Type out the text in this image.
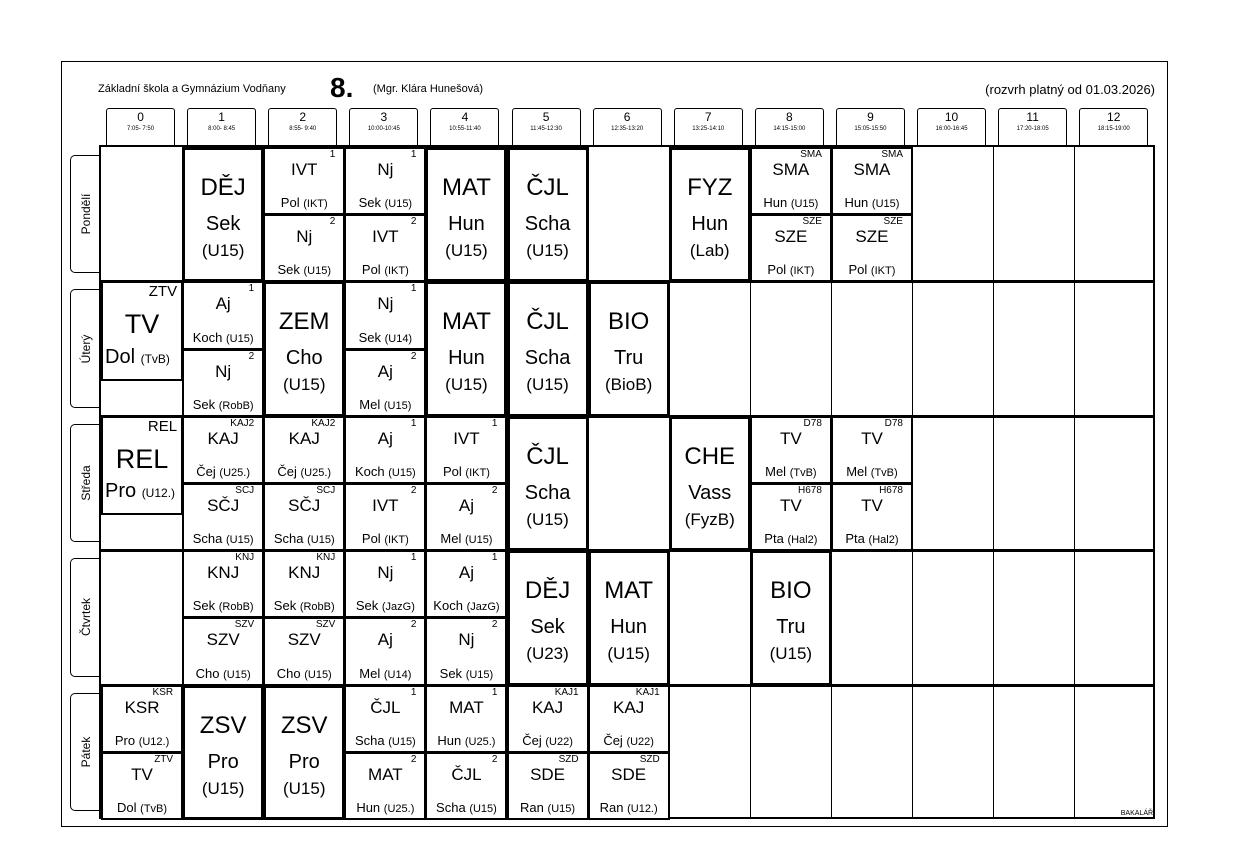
Základní škola a Gymnázium Vodňany 8. (Mgr. Klára Hunešová)	(rozvrh platný od 01.03.2026)
0
7:05- 7:50
1
8:00- 8:45
2
8:55- 9:40
3
10:00-10:45
4
10:55-11:40
5
11:45-12:30
6
12:35-13:20
7
13:25-14:10
8
14:15-15:00
9
15:05-15:50
10
16:00-16:45
11
17:20-18:05
12
18:15-19:00
Pondělí
Úterý
Středa
Čtvrtek
Pátek
DĚJ
Sek
(U15)
MAT
Hun
(U15)
ČJL
Scha
(U15)
FYZ
Hun
(Lab)
ZEM
Cho
(U15)
MAT
Hun
(U15)
ČJL
Scha
(U15)
BIO
Tru
(BioB)
ČJL
Scha
(U15)
CHE
Vass
(FyzB)
DĚJ
Sek
(U23)
MAT
Hun
(U15)
BIO
Tru
(U15)
ZSV
Pro
(U15)
ZSV
Pro
(U15)
1
IVT
Pol (IKT)
2
Nj
Sek (U15)
1
Nj
Sek (U15)
2
IVT
Pol (IKT)
SMA
SMA
Hun (U15)
SZE
SZE
Pol (IKT)
SMA
SMA
Hun (U15)
SZE
SZE
Pol (IKT)
1
Aj
Koch (U15)
2
Nj
Sek (RobB)
1
Nj
Sek (U14)
2
Aj
Mel (U15)
KAJ2
KAJ
Čej (U25.)
SCJ
SČJ
Scha (U15)
KAJ2
KAJ
Čej (U25.)
SCJ
SČJ
Scha (U15)
1
Aj
Koch (U15)
2
IVT
Pol (IKT)
1
IVT
Pol (IKT)
2
Aj
Mel (U15)
D78
TV
Mel (TvB)
H678
TV
Pta (Hal2)
D78
TV
Mel (TvB)
H678
TV
Pta (Hal2)
KNJ
KNJ
Sek (RobB)
SZV
SZV
Cho (U15)
KNJ
KNJ
Sek (RobB)
SZV
SZV
Cho (U15)
1
Nj
Sek (JazG)
2
Aj
Mel (U14)
1
Aj
Koch (JazG)
2
Nj
Sek (U15)
KSR
KSR
Pro (U12.)
ZTV
TV
Dol (TvB)
1
ČJL
Scha (U15)
2
MAT
Hun (U25.)
1
MAT
Hun (U25.)
2
ČJL
Scha (U15)
KAJ1
KAJ
Čej (U22)
SZD
SDE
Ran (U15)
KAJ1
KAJ
Čej (U22)
SZD
SDE
Ran (U12.)
ZTV
TV
Dol (TvB)
REL
REL
Pro (U12.)
BAKALÁŘI
